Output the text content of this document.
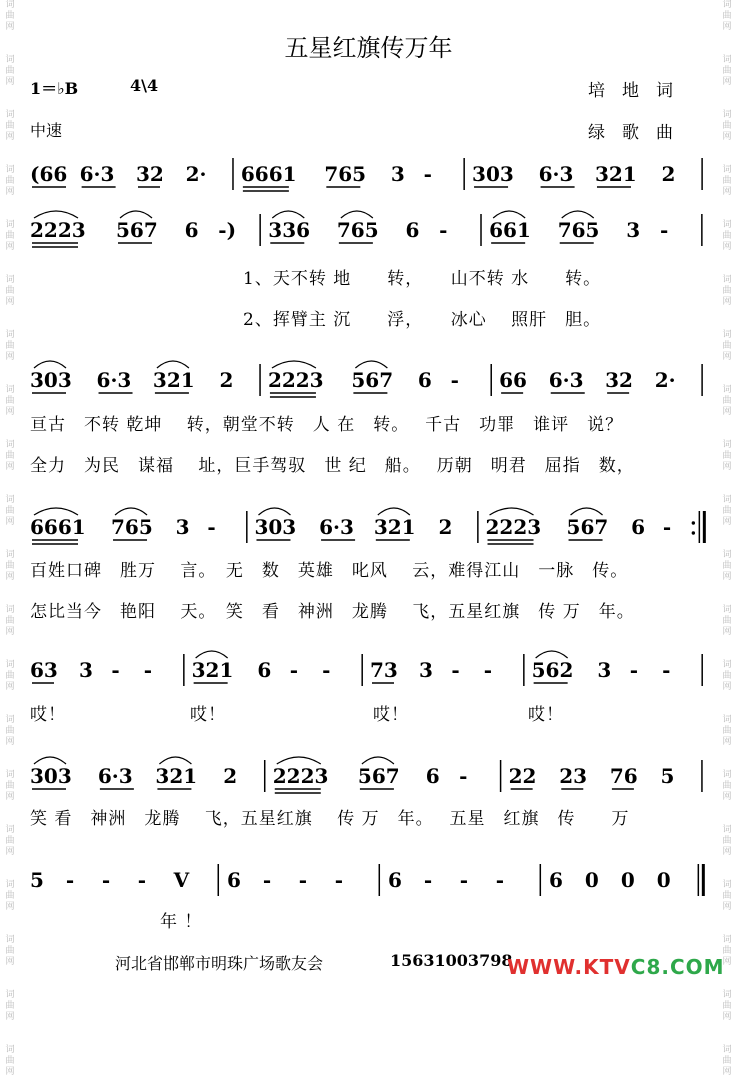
词曲网

词曲网

词曲网

词曲网

词曲网

词曲网

词曲网

词曲网

词曲网

词曲网

词曲网

词曲网

词曲网

词曲网

词曲网

词曲网

词曲网

词曲网

词曲网

词曲网
词曲网

词曲网

词曲网

词曲网

词曲网

词曲网

词曲网

词曲网

词曲网

词曲网

词曲网

词曲网

词曲网

词曲网

词曲网

词曲网

词曲网

词曲网

词曲网

词曲网
五星红旗传万年
1＝♭B	4\4
中速
培　地　词
绿　歌　曲
(66 6·3 32 2· 6661 765 3 - 303 6·3 321 2
2223 567 6 -) 336 765 6 - 661 765 3 -
303 6·3 321 2 2223 567 6 - 66 6·3 32 2·
6661 765 3 - 303 6·3 321 2 2223 567 6 -
63 3 - - 321 6 - - 73 3 - - 562 3 - -
303 6·3 321 2 2223 567 6 - 22 23 76 5
5 - - - V 6 - - - 6 - - - 6 0 0 0
1、天不转 地　　转，　　山不转 水　　转。
2、挥臂主 沉　　浮，　　冰心　 照肝　胆。
亘古　不转 乾坤　 转，朝堂不转　人 在　转。　 千古　功罪　谁评　说？
全力　为民　谋福　 址，巨手驾驭　世 纪　船。　 历朝　明君　屈指　数，
百姓口碑　胜万　 言。　无　数　英雄　叱风　 云，难得江山　一脉　传。
怎比当今　艳阳　 天。　笑　看　神洲　龙腾　 飞，五星红旗　传 万　年。
哎！	哎！	哎！	哎！
笑 看　神洲　龙腾　 飞，五星红旗　 传 万　年。　 五星　红旗　传　　万
年 ！
河北省邯郸市明珠广场歌友会	15631003798
WWW.KTVC8.COM
